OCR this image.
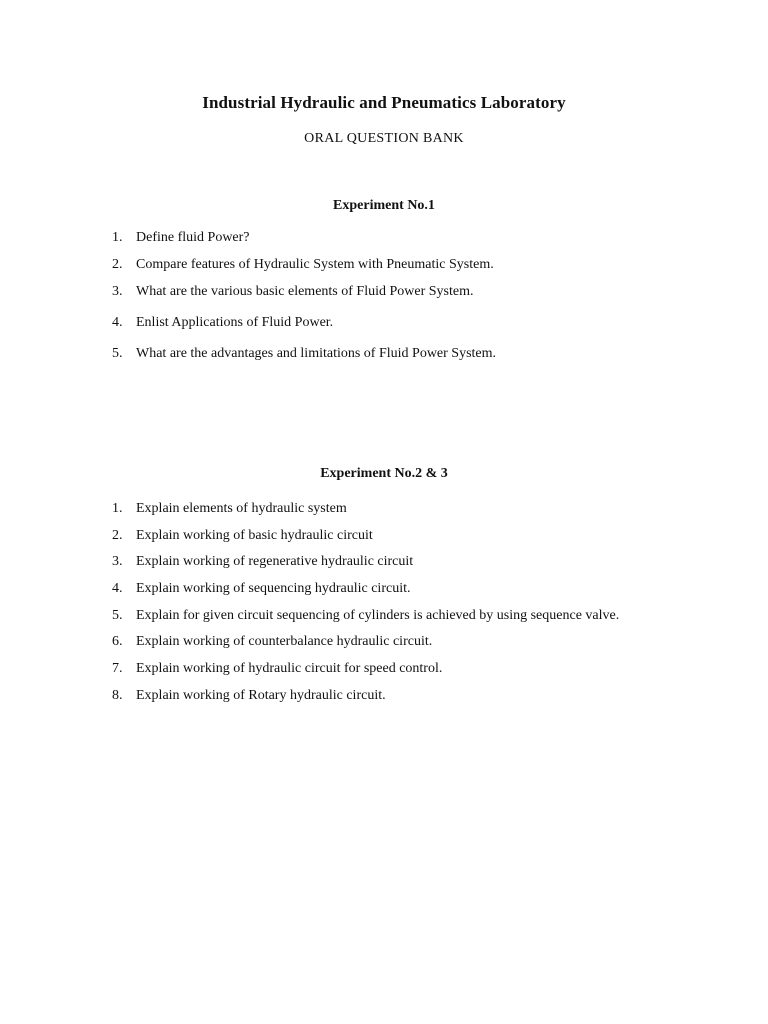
Industrial Hydraulic and Pneumatics Laboratory
ORAL QUESTION BANK
Experiment No.1
1. Define fluid Power?
2. Compare features of Hydraulic System with Pneumatic System.
3. What are the various basic elements of Fluid Power System.
4. Enlist Applications of Fluid Power.
5. What are the advantages and limitations of Fluid Power System.
Experiment No.2 & 3
1. Explain elements of hydraulic system
2. Explain working of basic hydraulic circuit
3. Explain working of regenerative hydraulic circuit
4. Explain working of sequencing hydraulic circuit.
5. Explain for given circuit sequencing of cylinders is achieved by using sequence valve.
6. Explain working of counterbalance hydraulic circuit.
7. Explain working of hydraulic circuit for speed control.
8. Explain working of Rotary hydraulic circuit.
